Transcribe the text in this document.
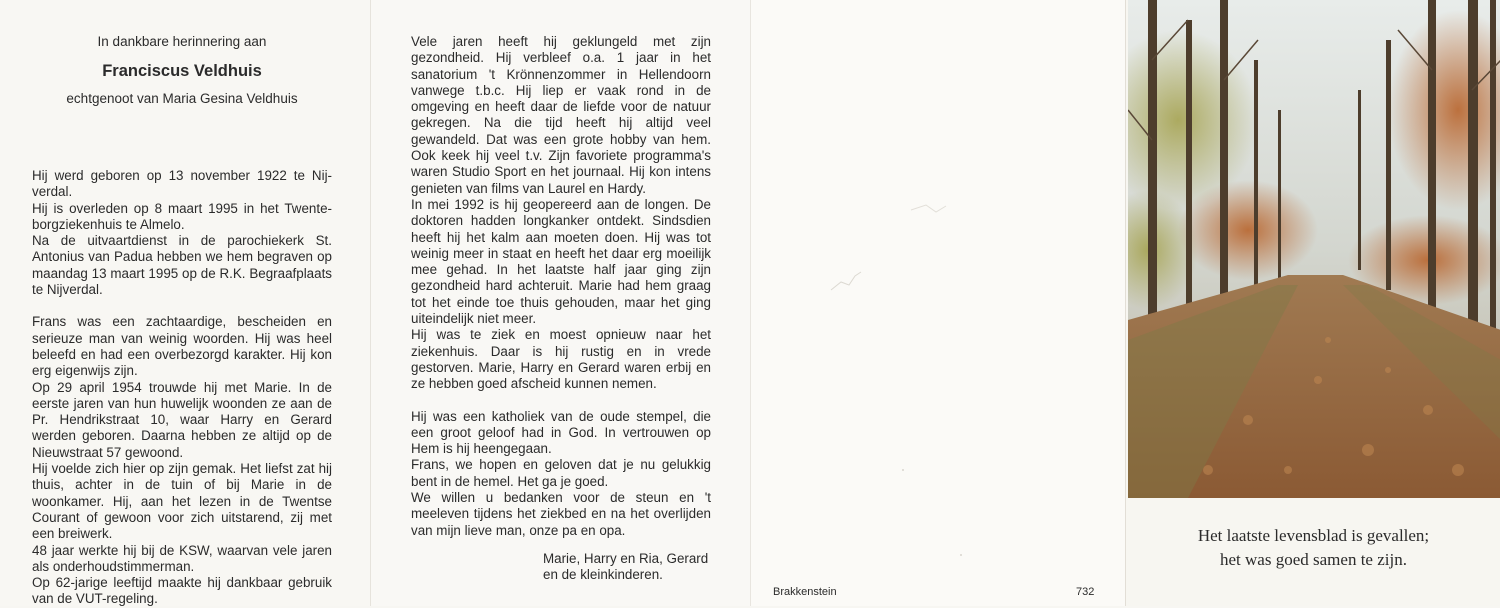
In dankbare herinnering aan
Franciscus Veldhuis
echtgenoot van Maria Gesina Veldhuis

Hij werd geboren op 13 november 1922 te Nij-verdal.

Hij is overleden op 8 maart 1995 in het Twente-borgziekenhuis te Almelo.

Na de uitvaartdienst in de parochiekerk St. Antonius van Padua hebben we hem begraven op maandag 13 maart 1995 op de R.K. Begraafplaats te Nijverdal.

Frans was een zachtaardige, bescheiden en serieuze man van weinig woorden. Hij was heel beleefd en had een overbezorgd karakter. Hij kon erg eigenwijs zijn.

Op 29 april 1954 trouwde hij met Marie. In de eerste jaren van hun huwelijk woonden ze aan de Pr. Hendrikstraat 10, waar Harry en Gerard werden geboren. Daarna hebben ze altijd op de Nieuwstraat 57 gewoond.

Hij voelde zich hier op zijn gemak. Het liefst zat hij thuis, achter in de tuin of bij Marie in de woonkamer. Hij, aan het lezen in de Twentse Courant of gewoon voor zich uitstarend, zij met een breiwerk.

48 jaar werkte hij bij de KSW, waarvan vele jaren als onderhoudstimmerman.

Op 62-jarige leeftijd maakte hij dankbaar gebruik van de VUT-regeling.

Vele jaren heeft hij geklungeld met zijn gezondheid. Hij verbleef o.a. 1 jaar in het sanatorium 't Krönnenzommer in Hellendoorn vanwege t.b.c. Hij liep er vaak rond in de omgeving en heeft daar de liefde voor de natuur gekregen. Na die tijd heeft hij altijd veel gewandeld. Dat was een grote hobby van hem. Ook keek hij veel t.v. Zijn favoriete programma's waren Studio Sport en het journaal. Hij kon intens genieten van films van Laurel en Hardy.

In mei 1992 is hij geopereerd aan de longen. De doktoren hadden longkanker ontdekt. Sindsdien heeft hij het kalm aan moeten doen. Hij was tot weinig meer in staat en heeft het daar erg moeilijk mee gehad. In het laatste half jaar ging zijn gezondheid hard achteruit. Marie had hem graag tot het einde toe thuis gehouden, maar het ging uiteindelijk niet meer.

Hij was te ziek en moest opnieuw naar het ziekenhuis. Daar is hij rustig en in vrede gestorven. Marie, Harry en Gerard waren erbij en ze hebben goed afscheid kunnen nemen.

Hij was een katholiek van de oude stempel, die een groot geloof had in God. In vertrouwen op Hem is hij heengegaan.

Frans, we hopen en geloven dat je nu gelukkig bent in de hemel. Het ga je goed.

We willen u bedanken voor de steun en 't meeleven tijdens het ziekbed en na het overlijden van mijn lieve man, onze pa en opa.

Marie, Harry en Ria, Gerard

en de kleinkinderen.

Brakkenstein	732
Het laatste levensblad is gevallen;
het was goed samen te zijn.
